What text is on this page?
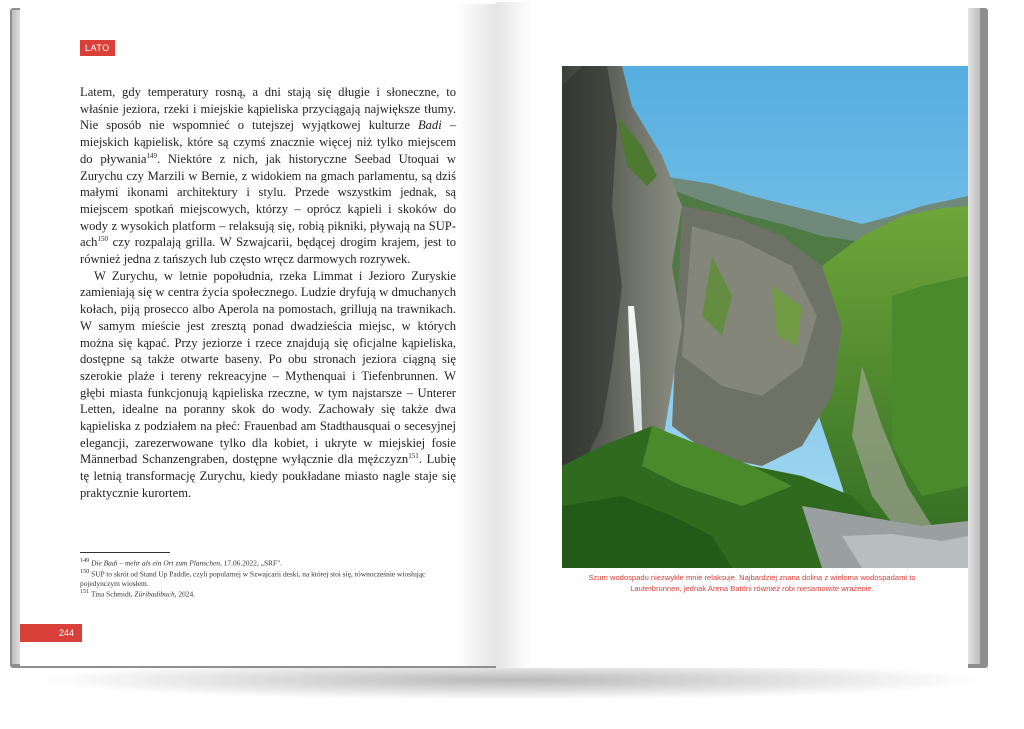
LATO

Latem, gdy temperatury rosną, a dni stają się długie i słoneczne, to właśnie jeziora, rzeki i miejskie kąpieliska przyciągają największe tłumy. Nie sposób nie wspomnieć o tutejszej wyjątkowej kulturze Badi – miejskich kąpielisk, które są czymś znacznie więcej niż tylko miejscem do pływania$^{149}$. Niektóre z nich, jak historyczne Seebad Utoquai w Zurychu czy Marzili w Bernie, z widokiem na gmach parlamentu, są dziś małymi ikonami architektury i stylu. Przede wszystkim jednak, są miejscem spotkań miejscowych, którzy – oprócz kąpieli i skoków do wody z wysokich platform – relaksują się, robią pikniki, pływają na SUP-ach$^{150}$ czy rozpalają grilla. W Szwajcarii, będącej drogim krajem, jest to również jedna z tańszych lub często wręcz darmowych rozrywek.

W Zurychu, w letnie popołudnia, rzeka Limmat i Jezioro Zuryskie zamieniają się w centra życia społecznego. Ludzie dryfują w dmuchanych kołach, piją prosecco albo Aperola na pomostach, grillują na trawnikach. W samym mieście jest zresztą ponad dwadzieścia miejsc, w których można się kąpać. Przy jeziorze i rzece znajdują się oficjalne kąpieliska, dostępne są także otwarte baseny. Po obu stronach jeziora ciągną się szerokie plaże i tereny rekreacyjne – Mythenquai i Tiefenbrunnen. W głębi miasta funkcjonują kąpieliska rzeczne, w tym najstarsze – Unterer Letten, idealne na poranny skok do wody. Zachowały się także dwa kąpieliska z podziałem na płeć: Frauenbad am Stadthausquai o secesyjnej elegancji, zarezerwowane tylko dla kobiet, i ukryte w miejskiej fosie Männerbad Schanzengraben, dostępne wyłącznie dla mężczyzn$^{151}$. Lubię tę letnią transformację Zurychu, kiedy poukładane miasto nagle staje się praktycznie kurortem.

$^{149}$ Die Badi – mehr als ein Ort zum Planschen, 17.06.2022, „SRF".
$^{150}$ SUP to skrót od Stand Up Paddle, czyli popularnej w Szwajcarii deski, na której stoi się, równocześnie wiosłując pojedynczym wiosłem.
$^{151}$ Tina Schmidt, Züribadibuch, 2024.
244
Szum wodospadu niezwykle mnie relaksuje. Najbardziej znana dolina z wieloma wodospadami to Lauterbrunnen, jednak Arena Batöni również robi niesamowite wrażenie.
